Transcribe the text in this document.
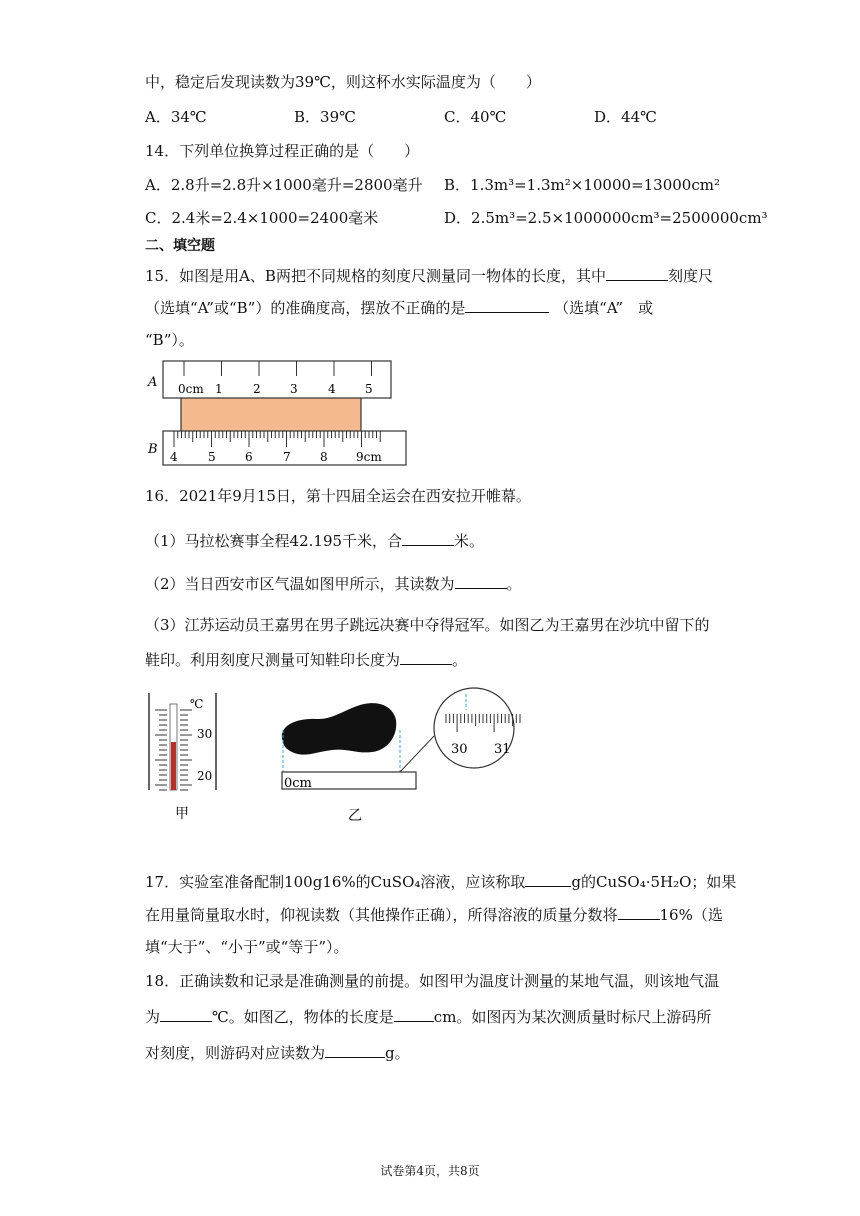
中，稳定后发现读数为39℃，则这杯水实际温度为（　　）
A．34℃	B．39℃	C．40℃	D．44℃
14．下列单位换算过程正确的是（　　）
A．2.8升=2.8升×1000毫升=2800毫升 B．1.3m³=1.3m²×10000=13000cm²
C．2.4米=2.4×1000=2400毫米	D．2.5m³=2.5×1000000cm³=2500000cm³
二、填空题
15．如图是用A、B两把不同规格的刻度尺测量同一物体的长度，其中	刻度尺
（选填“A”或“B”）的准确度高，摆放不正确的是	（选填“A”　或
“B”）。
A 0cm 1	2 3	4 5
B 4	5 6	7 8 9cm
16．2021年9月15日，第十四届全运会在西安拉开帷幕。
（1）马拉松赛事全程42.195千米，合	米。
（2）当日西安市区气温如图甲所示，其读数为	。
（3）江苏运动员王嘉男在男子跳远决赛中夺得冠军。如图乙为王嘉男在沙坑中留下的
鞋印。利用刻度尺测量可知鞋印长度为	。
℃
30
20
甲
0cm
30 31
乙
17．实验室准备配制100g16%的CuSO₄溶液，应该称取	g的CuSO₄·5H₂O；如果
在用量筒量取水时，仰视读数（其他操作正确），所得溶液的质量分数将	16%（选
填“大于”、“小于”或“等于”）。
18．正确读数和记录是准确测量的前提。如图甲为温度计测量的某地气温，则该地气温
为	℃。如图乙，物体的长度是	cm。如图丙为某次测质量时标尺上游码所
对刻度，则游码对应读数为	g。
试卷第4页，共8页
